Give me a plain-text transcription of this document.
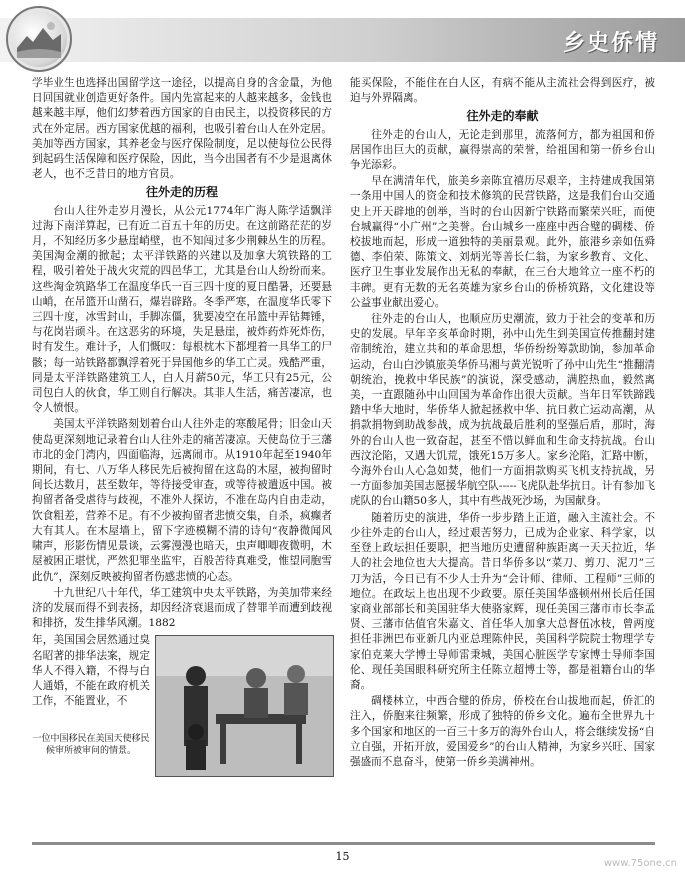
乡史侨情

学毕业生也选择出国留学这一途径，以提高自身的含金量，为他日回国就业创造更好条件。国内先富起来的人越来越多，金钱也越来越丰厚，他们幻梦着西方国家的自由民主，以投资移民的方式在外定居。西方国家优越的福利，也吸引着台山人在外定居。美加等西方国家，其养老金与医疗保险制度，足以使每位公民得到起码生活保障和医疗保险，因此，当今出国者有不少是退离休老人，也不乏昔日的地方官员。

往外走的历程

台山人往外走岁月漫长，从公元1774年广海人陈学适飘洋过海下南洋算起，已有近二百五十年的历史。在这前路茫茫的岁月，不知经历多少悬崖峭壁，也不知闯过多少荆棘丛生的历程。美国淘金潮的掀起；太平洋铁路的兴建以及加拿大筑铁路的工程，吸引着处于战火灾荒的四邑华工，尤其是台山人纷纷而来。这些淘金筑路华工在温度华氏一百三四十度的夏日酷暑，还要悬山峭，在吊篮开山凿石，爆岩辟路。冬季严寒，在温度华氏零下三四十度，冰雪封山，手脚冻僵，犹要凌空在吊篮中弄钻舞锤，与花岗岩顽斗。在这恶劣的环境，失足悬崖，被炸药炸死炸伤，时有发生。难计予，人们慨叹：每根枕木下都埋着一具华工的尸骸；每一站铁路都飘浮着死于异国他乡的华工亡灵。残酷严重，同是太平洋铁路建筑工人，白人月薪50元，华工只有25元，公司包白人的伙食，华工则自行解决。其非人生活，痛苦凄凉，也令人愤恨。

美国太平洋铁路刻划着台山人往外走的寒酸尾骨；旧金山天使岛更深刻地记录着台山人往外走的痛苦凄凉。天使岛位于三藩市北的金门湾内，四面临海，远离闹市。从1910年起至1940年期间，有七、八万华人移民先后被拘留在这岛的木屋，被拘留时间长达数月，甚至数年，等待接受审查，或等待被遣返中国。被拘留者备受虐待与歧视，不准外人探访，不准在岛内自由走动，饮食粗差，营养不足。有不少被拘留者悲愤交集，自杀，疯癫者大有其人。在木屋墙上，留下字迹模糊不清的诗句“夜静微闻风啸声，形影伤情见景谈，云雾漫漫也暗天，虫声唧唧夜微明，木屋被困正堪忧，严然犯罪坐监牢，百般苦待真难受，惟望同胞雪此仇”，深刻反映被拘留者伤感悲愤的心态。

十九世纪八十年代，华工建筑中央太平铁路，为美加带来经济的发展而得不到表扬，却因经济衰退而成了替罪羊而遭到歧视和排挤，发生排华风潮。1882

年，美国国会居然通过臭名昭著的排华法案，规定华人不得入籍，不得与白人通婚，不能在政府机关工作，不能置业，不
一位中国移民在美国天使移民候审所被审问的情景。

能买保险，不能住在白人区，有病不能从主流社会得到医疗，被迫与外界隔离。

往外走的奉献

往外走的台山人，无论走到那里，流落何方，都为祖国和侨居国作出巨大的贡献，赢得崇高的荣誉，给祖国和第一侨乡台山争光添彩。

早在满清年代，旅美乡亲陈宜禧历尽艰辛，主持建成我国第一条用中国人的资金和技术修筑的民营铁路，这是我们台山交通史上开天辟地的创举，当时的台山因新宁铁路而繁荣兴旺，而使台城赢得“小广州”之美誉。台山城乡一座座中西合璧的碉楼、侨校拔地而起，形成一道独特的美丽景观。此外，旅港乡亲如伍舜德、李伯荣、陈策文、刘炳光等善长仁翁，为家乡教育、文化、医疗卫生事业发展作出无私的奉献，在三台大地耸立一座不朽的丰碑。更有无数的无名英雄为家乡台山的侨桥筑路，文化建设等公益事业献出爱心。

往外走的台山人，也顺应历史潮流，致力于社会的变革和历史的发展。早年辛亥革命时期，孙中山先生到美国宣传推翻封建帝制统治，建立共和的革命思想，华侨纷纷筹款助饷，参加革命运动，台山白沙镇旅美华侨马湘与黄光锐听了孙中山先生“推翻清朝统治，挽救中华民族”的演说，深受感动，满腔热血，毅然离美，一直跟随孙中山回国为革命作出很大贡献。当年日军铁蹄践踏中华大地时，华侨华人掀起拯救中华、抗日救亡运动高潮，从捐款捐物到助战参战，成为抗战最后胜利的坚强后盾，那时，海外的台山人也一致奋起，甚至不惜以鲜血和生命支持抗战。台山西汶沦陷，又遇大饥荒，饿死15万多人。家乡沦陷，汇路中断，今海外台山人心急如焚，他们一方面捐款购买飞机支持抗战，另一方面参加美国志愿援华航空队-----飞虎队赴华抗日。计有参加飞虎队的台山籍50多人，其中有些战死沙场，为国献身。

随着历史的演进，华侨一步步踏上正道，融入主流社会。不少往外走的台山人，经过艰苦努力，已成为企业家、科学家，以至登上政坛担任要职，把当地历史遭留种族距离一天天拉近，华人的社会地位也大大提高。昔日华侨多以“菜刀、剪刀、泥刀”三刀为活，今日已有不少人士升为“会计师、律师、工程师”三师的地位。在政坛上也出现不少政要。原任美国华盛顿州州长后任国家商业部部长和美国驻华大使骆家辉，现任美国三藩市市长李孟贤、三藩市估值官朱嘉文、首任华人加拿大总督伍冰枝，曾两度担任非洲巴布亚新几内亚总理陈仲民，美国科学院院士物理学专家伯克莱大学博士导师雷秉城，美国心脏医学专家博士导师李国伦、现任美国眼科研究所主任陈立超博士等，都是祖籍台山的华裔。

碉楼林立，中西合璧的侨房，侨校在台山拔地而起，侨汇的注入，侨胞来往频繁，形成了独特的侨乡文化。遍布全世界九十多个国家和地区的一百三十多万的海外台山人，将会继续发扬“自立自强，开拓开放，爱国爱乡”的台山人精神，为家乡兴旺、国家强盛而不息奋斗，使第一侨乡美满神州。

15
www.75one.cn
